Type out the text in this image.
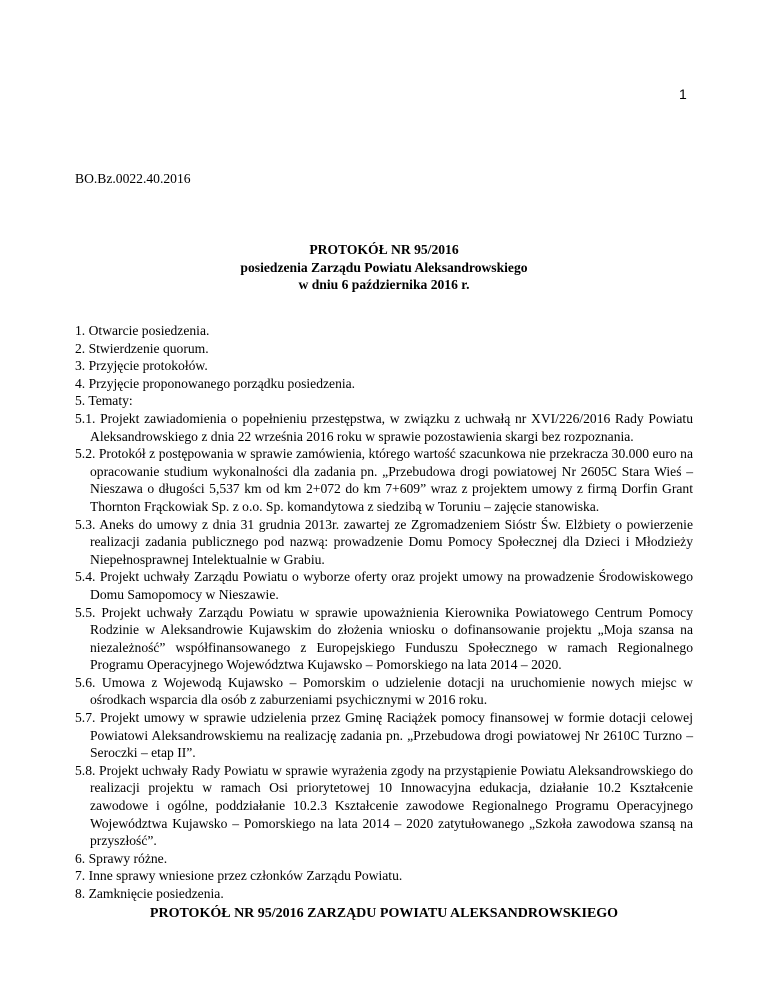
1
BO.Bz.0022.40.2016
PROTOKÓŁ NR 95/2016
posiedzenia Zarządu Powiatu Aleksandrowskiego
w dniu 6 października 2016 r.
1. Otwarcie posiedzenia.
2. Stwierdzenie quorum.
3. Przyjęcie protokołów.
4. Przyjęcie proponowanego porządku posiedzenia.
5. Tematy:
5.1. Projekt zawiadomienia o popełnieniu przestępstwa, w związku z uchwałą nr XVI/226/2016 Rady Powiatu Aleksandrowskiego z dnia 22 września 2016 roku w sprawie pozostawienia skargi bez rozpoznania.
5.2. Protokół z postępowania w sprawie zamówienia, którego wartość szacunkowa nie przekracza 30.000 euro na opracowanie studium wykonalności dla zadania pn. „Przebudowa drogi powiatowej Nr 2605C Stara Wieś – Nieszawa o długości 5,537 km od km 2+072 do km 7+609” wraz z projektem umowy z firmą Dorfin Grant Thornton Frąckowiak Sp. z o.o. Sp. komandytowa z siedzibą w Toruniu – zajęcie stanowiska.
5.3. Aneks do umowy z dnia 31 grudnia 2013r. zawartej ze Zgromadzeniem Sióstr Św. Elżbiety o powierzenie realizacji zadania publicznego pod nazwą: prowadzenie Domu Pomocy Społecznej dla Dzieci i Młodzieży Niepełnosprawnej Intelektualnie w Grabiu.
5.4. Projekt uchwały Zarządu Powiatu o wyborze oferty oraz projekt umowy na prowadzenie Środowiskowego Domu Samopomocy w Nieszawie.
5.5. Projekt uchwały Zarządu Powiatu w sprawie upoważnienia Kierownika Powiatowego Centrum Pomocy Rodzinie w Aleksandrowie Kujawskim do złożenia wniosku o dofinansowanie projektu „Moja szansa na niezależność” współfinansowanego z Europejskiego Funduszu Społecznego w ramach Regionalnego Programu Operacyjnego Województwa Kujawsko – Pomorskiego na lata 2014 – 2020.
5.6. Umowa z Wojewodą Kujawsko – Pomorskim o udzielenie dotacji na uruchomienie nowych miejsc w ośrodkach wsparcia dla osób z zaburzeniami psychicznymi w 2016 roku.
5.7. Projekt umowy w sprawie udzielenia przez Gminę Raciążek pomocy finansowej w formie dotacji celowej Powiatowi Aleksandrowskiemu na realizację zadania pn. „Przebudowa drogi powiatowej Nr 2610C Turzno – Seroczki – etap II”.
5.8. Projekt uchwały Rady Powiatu w sprawie wyrażenia zgody na przystąpienie Powiatu Aleksandrowskiego do realizacji projektu w ramach Osi priorytetowej 10 Innowacyjna edukacja, działanie 10.2 Kształcenie zawodowe i ogólne, poddziałanie 10.2.3 Kształcenie zawodowe Regionalnego Programu Operacyjnego Województwa Kujawsko – Pomorskiego na lata 2014 – 2020 zatytułowanego „Szkoła zawodowa szansą na przyszłość”.
6. Sprawy różne.
7. Inne sprawy wniesione przez członków Zarządu Powiatu.
8. Zamknięcie posiedzenia.
PROTOKÓŁ NR 95/2016 ZARZĄDU POWIATU ALEKSANDROWSKIEGO
